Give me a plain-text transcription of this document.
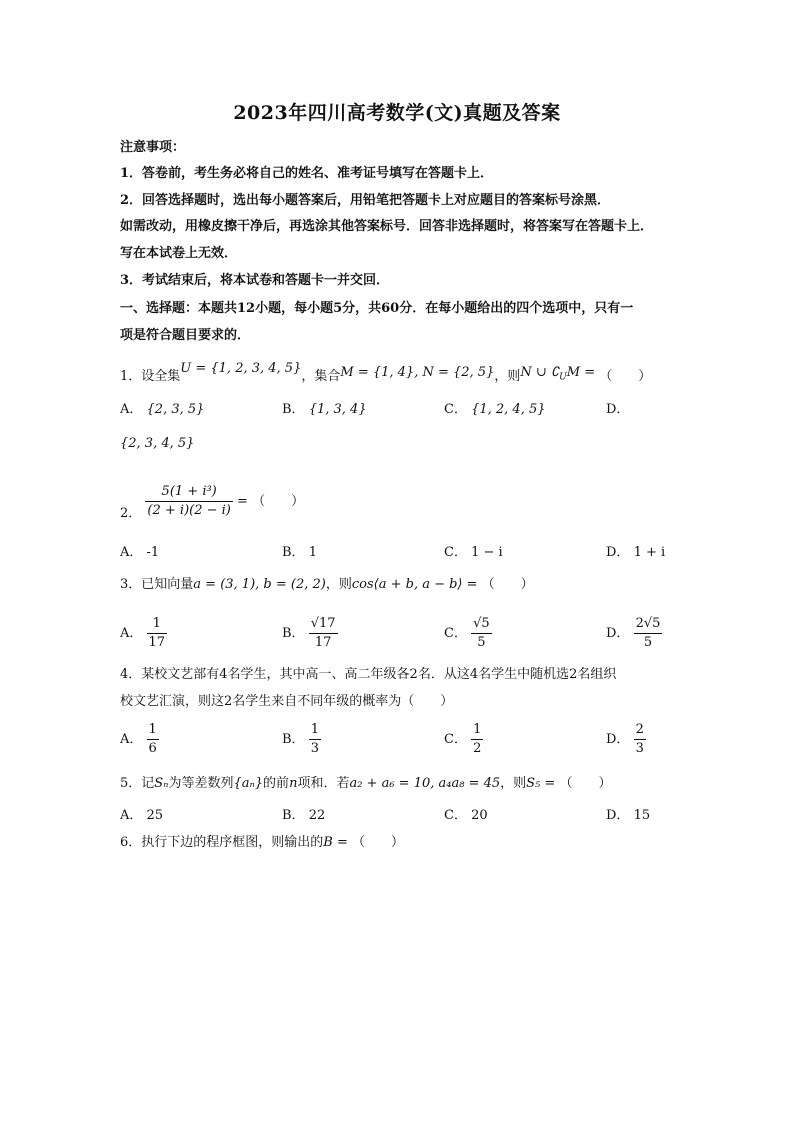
2023年四川高考数学(文)真题及答案
注意事项：
1．答卷前，考生务必将自己的姓名、准考证号填写在答题卡上．
2．回答选择题时，选出每小题答案后，用铅笔把答题卡上对应题目的答案标号涂黑．
如需改动，用橡皮擦干净后，再选涂其他答案标号．回答非选择题时，将答案写在答题卡上．
写在本试卷上无效．
3．考试结束后，将本试卷和答题卡一并交回．
一、选择题：本题共12小题，每小题5分，共60分．在每小题给出的四个选项中，只有一
项是符合题目要求的．
1．设全集U = {1, 2, 3, 4, 5}，集合M = {1, 4}, N = {2, 5}，则N ∪ $∁_UM$ = （　　）
A． {2, 3, 5}	B． {1, 3, 4}	C． {1, 2, 4, 5}	D．
{2, 3, 4, 5}
2． $\frac{\text{5(1 + i³)}}{(2 + i)(2 - i)}$ = （　　）
A． -1	B． 1	C． 1 − i	D． 1 + i
3．已知向量a = (3, 1), b = (2, 2)，则cos⟨a + b, a − b⟩ = （　　）
A． $\frac{1}{17}$	B． $\frac{√17}{17}$	C． $\frac{√5}{5}$	D． $\frac{2√5}{5}$
4．某校文艺部有4名学生，其中高一、高二年级各2名．从这4名学生中随机选2名组织
校文艺汇演，则这2名学生来自不同年级的概率为（　　）
A． $\frac{1}{6}$	B． $\frac{1}{3}$	C． $\frac{1}{2}$	D． $\frac{2}{3}$
5．记Sₙ为等差数列{aₙ}的前n项和．若a₂ + a₆ = 10, a₄a₈ = 45，则S₅ = （　　）
A． 25	B． 22	C． 20	D． 15
6．执行下边的程序框图，则输出的B = （　　）
